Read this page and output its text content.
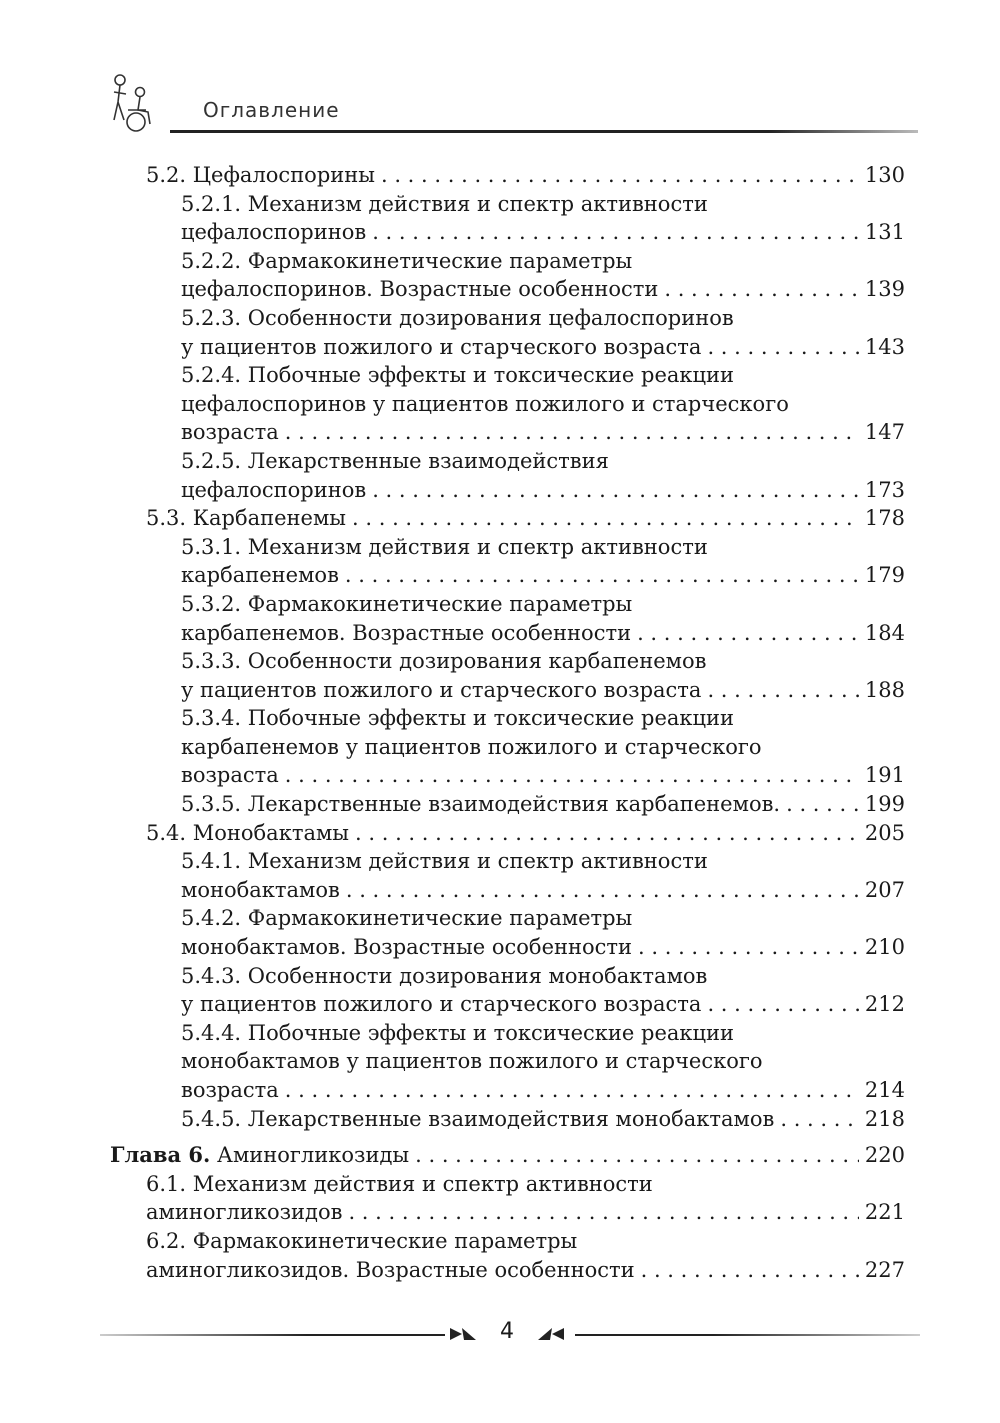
Оглавление
5.2. Цефалоспорины . . .	130
5.2.1. Механизм действия и спектр активности
цефалоспоринов . . .	131
5.2.2. Фармакокинетические параметры
цефалоспоринов. Возрастные особенности . . .	139
5.2.3. Особенности дозирования цефалоспоринов
у пациентов пожилого и старческого возраста . . .	143
5.2.4. Побочные эффекты и токсические реакции
цефалоспоринов у пациентов пожилого и старческого
возраста . . .	147
5.2.5. Лекарственные взаимодействия
цефалоспоринов . . .	173
5.3. Карбапенемы . . .	178
5.3.1. Механизм действия и спектр активности
карбапенемов . . .	179
5.3.2. Фармакокинетические параметры
карбапенемов. Возрастные особенности . . .	184
5.3.3. Особенности дозирования карбапенемов
у пациентов пожилого и старческого возраста . . .	188
5.3.4. Побочные эффекты и токсические реакции
карбапенемов у пациентов пожилого и старческого
возраста . . .	191
5.3.5. Лекарственные взаимодействия карбапенемов. . . .	199
5.4. Монобактамы . . .	205
5.4.1. Механизм действия и спектр активности
монобактамов . . .	207
5.4.2. Фармакокинетические параметры
монобактамов. Возрастные особенности . . .	210
5.4.3. Особенности дозирования монобактамов
у пациентов пожилого и старческого возраста . . .	212
5.4.4. Побочные эффекты и токсические реакции
монобактамов у пациентов пожилого и старческого
возраста . . .	214
5.4.5. Лекарственные взаимодействия монобактамов . . .	218
Глава 6. Аминогликозиды . . .	220
6.1. Механизм действия и спектр активности
аминогликозидов . . .	221
6.2. Фармакокинетические параметры
аминогликозидов. Возрастные особенности . . .	227
4
